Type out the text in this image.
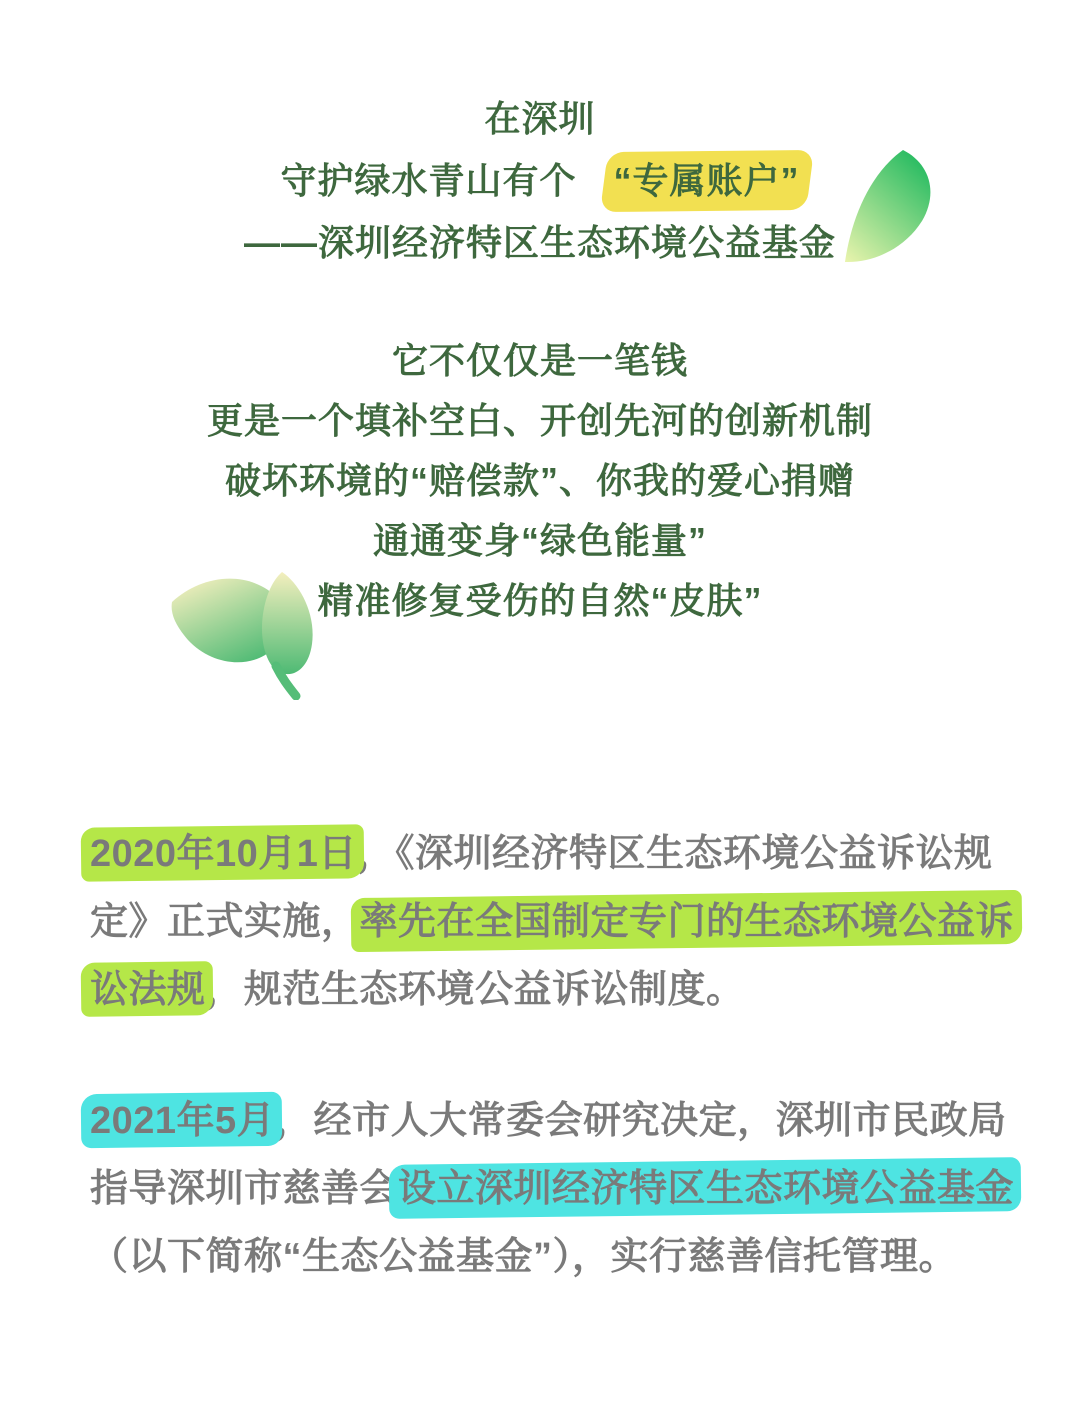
在深圳
守护绿水青山有个　“专属账户”
——深圳经济特区生态环境公益基金
它不仅仅是一笔钱
更是一个填补空白、开创先河的创新机制
破坏环境的“赔偿款”、你我的爱心捐赠
通通变身“绿色能量”
精准修复受伤的自然“皮肤”
2020年10月1日，《深圳经济特区生态环境公益诉讼规
定》正式实施，率先在全国制定专门的生态环境公益诉
讼法规，规范生态环境公益诉讼制度。
2021年5月，经市人大常委会研究决定，深圳市民政局
指导深圳市慈善会设立深圳经济特区生态环境公益基金
（以下简称“生态公益基金”），实行慈善信托管理。
